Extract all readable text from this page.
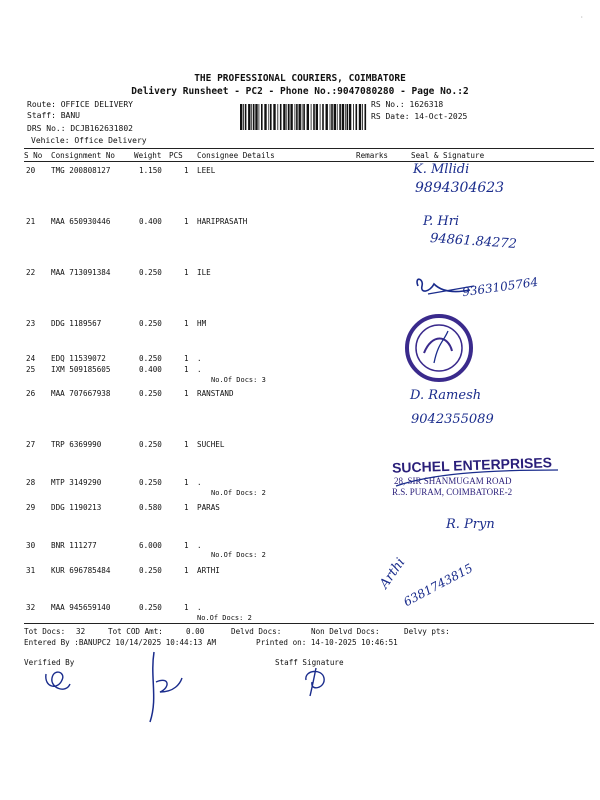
THE PROFESSIONAL COURIERS, COIMBATORE
Delivery Runsheet - PC2 - Phone No.:9047080280 - Page No.:2
Route: OFFICE DELIVERY
Staff: BANU
DRS No.: DCJB162631802
Vehicle: Office Delivery
RS No.: 1626318
RS Date: 14-Oct-2025
S No Consignment No Weight PCS Consignee Details	Remarks	Seal & Signature
20 TMG 200808127	1.150	1 LEEL
21 MAA 650930446	0.400	1 HARIPRASATH
22 MAA 713091384	0.250	1 ILE
23 DDG 1189567	0.250	1 HM
24 EDQ 11539072	0.250	1 .
25 IXM 509185605	0.400	1 .
No.Of Docs: 3
26 MAA 707667938	0.250	1 RANSTAND
27 TRP 6369990	0.250	1 SUCHEL
28 MTP 3149290	0.250	1 .
No.Of Docs: 2
29 DDG 1190213	0.580	1 PARAS
30 BNR 111277	6.000	1 .
No.Of Docs: 2
31 KUR 696785484	0.250	1 ARTHI
32 MAA 945659140	0.250	1 .
No.Of Docs: 2
Tot Docs: 32	Tot COD Amt:	0.00	Delvd Docs:	Non Delvd Docs:	Delvy pts:
Entered By :BANUPC2 10/14/2025 10:44:13 AM	Printed on: 14-10-2025 10:46:51
Verified By	Staff Signature
K. Mllidi
9894304623
P. Hri
94861.84272
9363105764
D. Ramesh
9042355089
SUCHEL ENTERPRISES
28, SIR SHANMUGAM ROAD
R.S. PURAM, COIMBATORE-2
R. Pryn
Arthi
6381743815
·
